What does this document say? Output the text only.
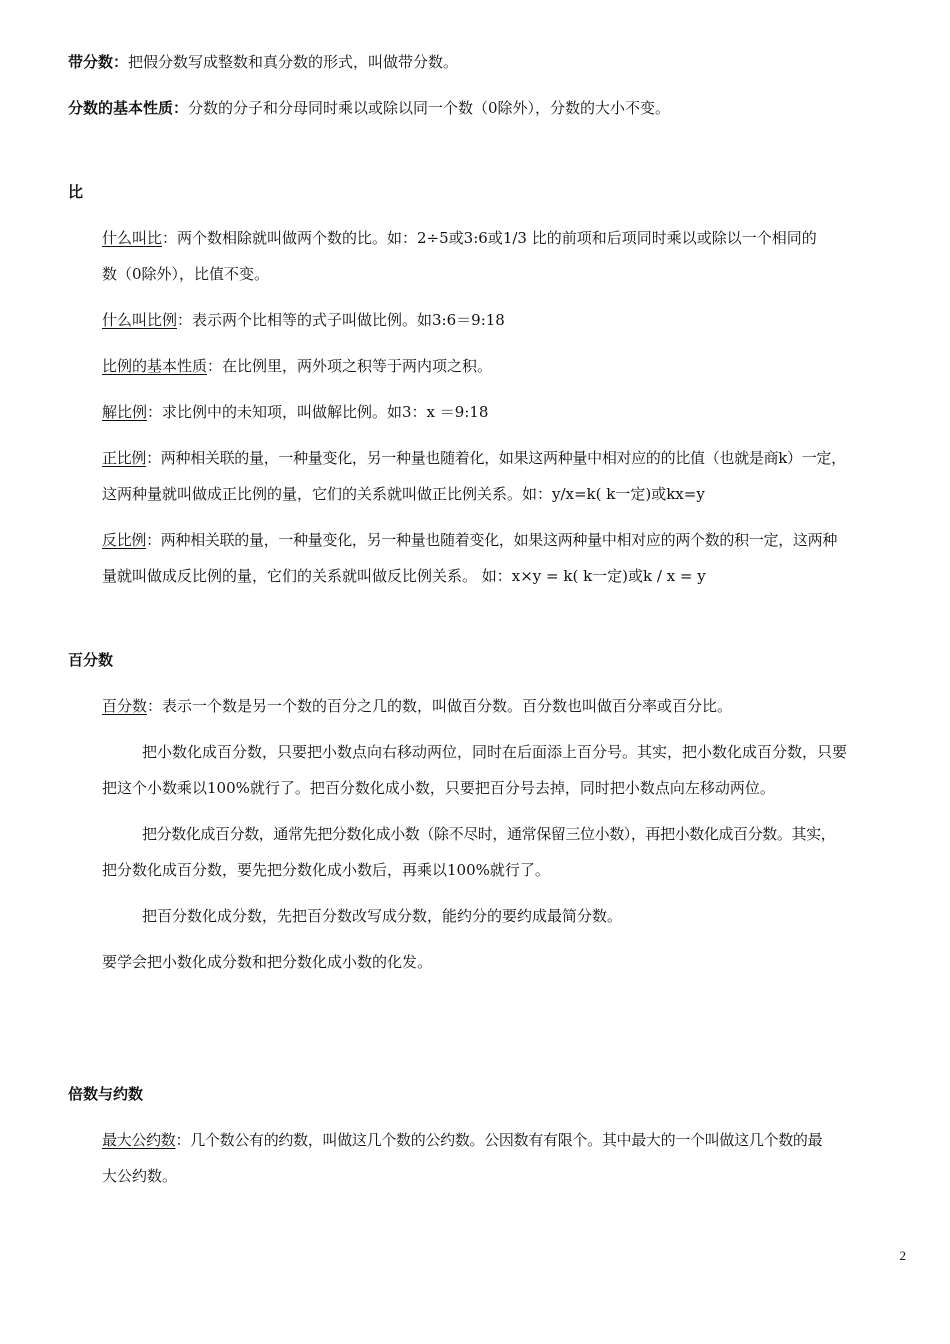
带分数：把假分数写成整数和真分数的形式，叫做带分数。
分数的基本性质：分数的分子和分母同时乘以或除以同一个数（0除外），分数的大小不变。
比
什么叫比：两个数相除就叫做两个数的比。如：2÷5或3:6或1/3 比的前项和后项同时乘以或除以一个相同的
数（0除外），比值不变。
什么叫比例：表示两个比相等的式子叫做比例。如3:6＝9:18
比例的基本性质：在比例里，两外项之积等于两内项之积。
解比例：求比例中的未知项，叫做解比例。如3：x ＝9:18
正比例：两种相关联的量，一种量变化，另一种量也随着化，如果这两种量中相对应的的比值（也就是商k）一定，
这两种量就叫做成正比例的量，它们的关系就叫做正比例关系。如：y/x=k( k一定)或kx=y
反比例：两种相关联的量，一种量变化，另一种量也随着变化，如果这两种量中相对应的两个数的积一定，这两种
量就叫做成反比例的量，它们的关系就叫做反比例关系。 如：x×y = k( k一定)或k / x = y
百分数
百分数：表示一个数是另一个数的百分之几的数，叫做百分数。百分数也叫做百分率或百分比。
把小数化成百分数，只要把小数点向右移动两位，同时在后面添上百分号。其实，把小数化成百分数，只要
把这个小数乘以100%就行了。把百分数化成小数，只要把百分号去掉，同时把小数点向左移动两位。
把分数化成百分数，通常先把分数化成小数（除不尽时，通常保留三位小数），再把小数化成百分数。其实，
把分数化成百分数，要先把分数化成小数后，再乘以100%就行了。
把百分数化成分数，先把百分数改写成分数，能约分的要约成最简分数。
要学会把小数化成分数和把分数化成小数的化发。
倍数与约数
最大公约数：几个数公有的约数，叫做这几个数的公约数。公因数有有限个。其中最大的一个叫做这几个数的最
大公约数。
2
